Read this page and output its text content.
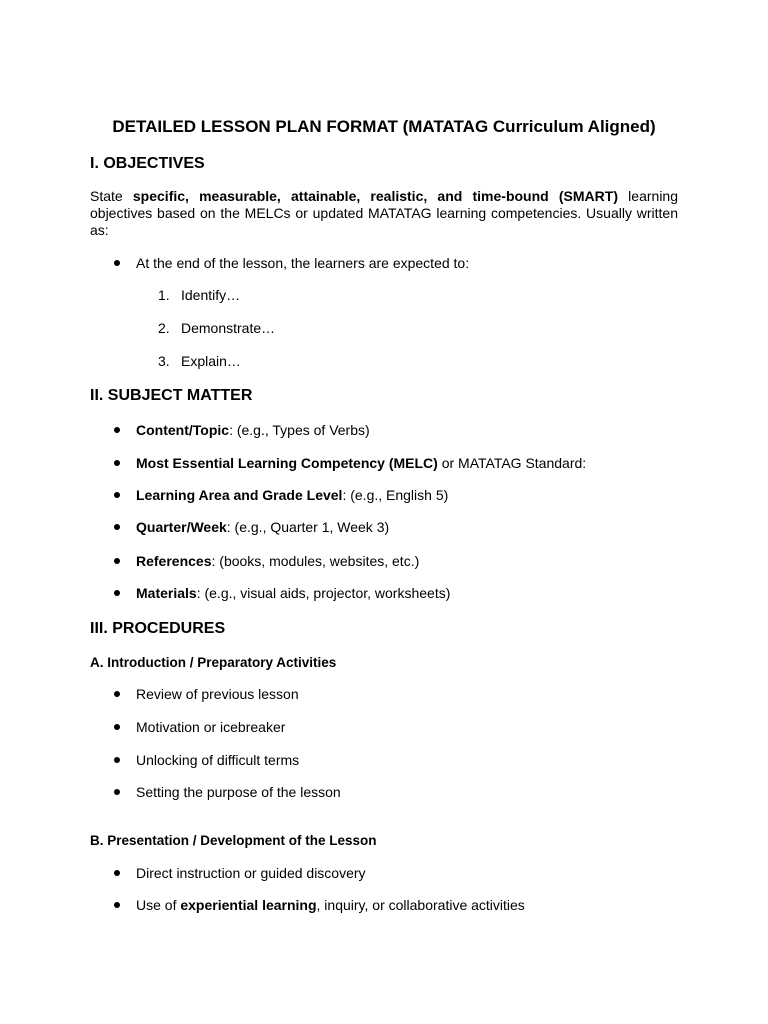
DETAILED LESSON PLAN FORMAT (MATATAG Curriculum Aligned)
I. OBJECTIVES
State specific, measurable, attainable, realistic, and time-bound (SMART) learning objectives based on the MELCs or updated MATATAG learning competencies. Usually written as:
At the end of the lesson, the learners are expected to:
1. Identify…
2. Demonstrate…
3. Explain…
II. SUBJECT MATTER
Content/Topic: (e.g., Types of Verbs)
Most Essential Learning Competency (MELC) or MATATAG Standard:
Learning Area and Grade Level: (e.g., English 5)
Quarter/Week: (e.g., Quarter 1, Week 3)
References: (books, modules, websites, etc.)
Materials: (e.g., visual aids, projector, worksheets)
III. PROCEDURES
A. Introduction / Preparatory Activities
Review of previous lesson
Motivation or icebreaker
Unlocking of difficult terms
Setting the purpose of the lesson
B. Presentation / Development of the Lesson
Direct instruction or guided discovery
Use of experiential learning, inquiry, or collaborative activities
